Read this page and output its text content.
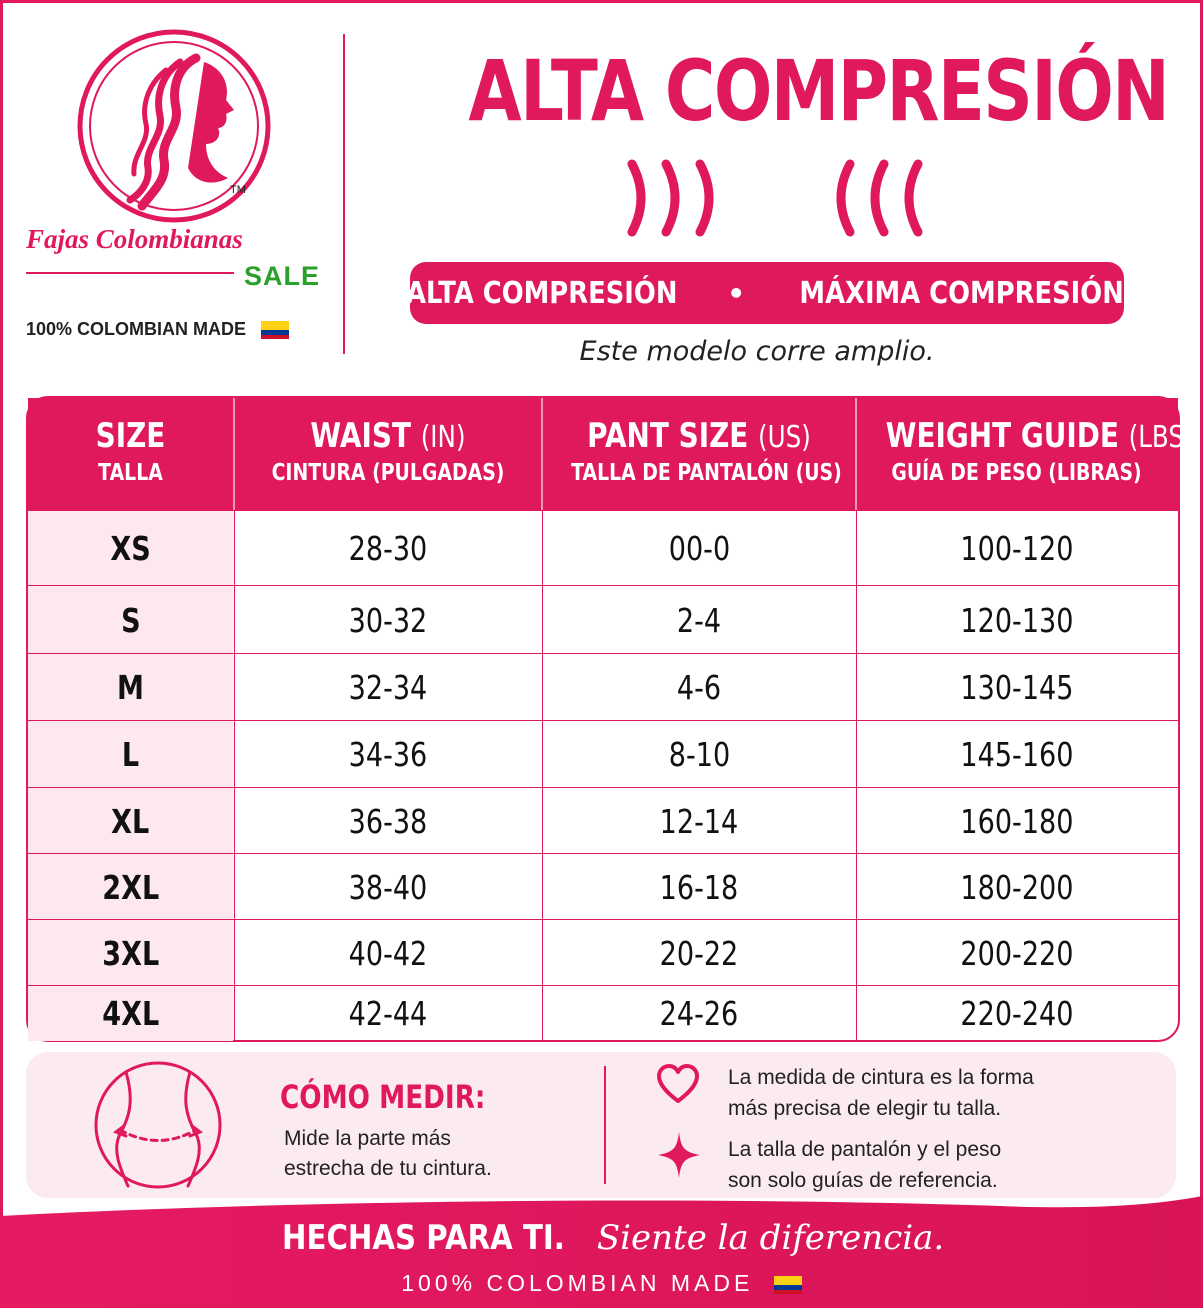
TM
Fajas Colombianas
SALE
100% COLOMBIAN MADE
ALTA COMPRESIÓN
ALTA COMPRESIÓN • MÁXIMA COMPRESIÓN
Este modelo corre amplio.
SIZE
TALLA
WAIST (IN)
CINTURA (PULGADAS)
PANT SIZE (US)
TALLA DE PANTALÓN (US)
WEIGHT GUIDE (LBS)
GUÍA DE PESO (LIBRAS)
XS	28-30	00-0	100-120
S	30-32	2-4	120-130
M	32-34	4-6	130-145
L	34-36	8-10	145-160
XL	36-38	12-14	160-180
2XL	38-40	16-18	180-200
3XL	40-42	20-22	200-220
4XL	42-44	24-26	220-240
CÓMO MEDIR:
Mide la parte más
estrecha de tu cintura.
La medida de cintura es la forma
más precisa de elegir tu talla.
La talla de pantalón y el peso
son solo guías de referencia.
HECHAS PARA TI. Siente la diferencia.
100% COLOMBIAN MADE
